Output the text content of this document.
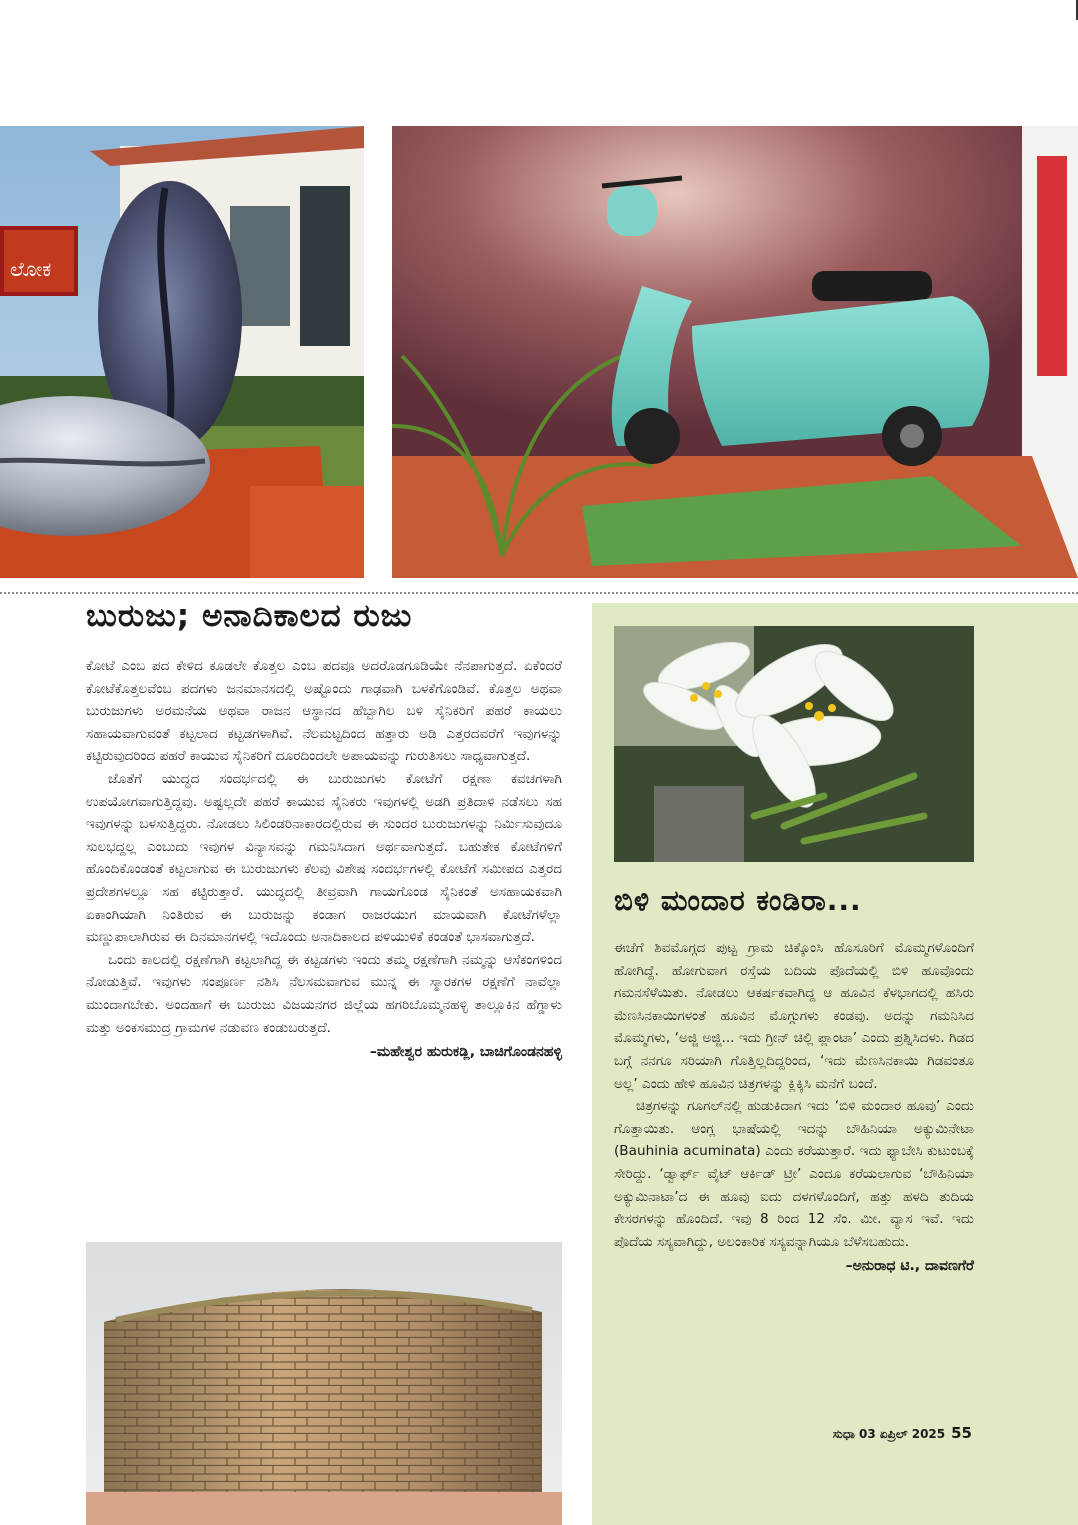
ಲೋಕ
ಬುರುಜು; ಅನಾದಿಕಾಲದ ರುಜು

ಕೋಟೆ ಎಂಬ ಪದ ಕೇಳಿದ ಕೂಡಲೇ ಕೊತ್ತಲ ಎಂಬ ಪದವೂ ಅದರೊಡಗೂಡಿಯೇ ನೆನಪಾಗುತ್ತದೆ. ಏಕೆಂದರೆ ಕೋಟೆಕೊತ್ತಲವೆಂಬ ಪದಗಳು ಜನಮಾನಸದಲ್ಲಿ ಅಷ್ಟೊಂದು ಗಾಢವಾಗಿ ಬಳಕೆಗೊಂಡಿವೆ. ಕೊತ್ತಲ ಅಥವಾ ಬುರುಜುಗಳು ಅರಮನೆಯ ಅಥವಾ ರಾಜನ ಆಸ್ಥಾನದ ಹೆಬ್ಬಾಗಿಲ ಬಳಿ ಸೈನಿಕರಿಗೆ ಪಹರೆ ಕಾಯಲು ಸಹಾಯವಾಗುವಂತೆ ಕಟ್ಟಲಾದ ಕಟ್ಟಡಗಳಾಗಿವೆ. ನೆಲಮಟ್ಟದಿಂದ ಹತ್ತಾರು ಅಡಿ ಎತ್ತರದವರೆಗೆ ಇವುಗಳನ್ನು ಕಟ್ಟಿರುವುದರಿಂದ ಪಹರೆ ಕಾಯುವ ಸೈನಿಕರಿಗೆ ದೂರದಿಂದಲೇ ಅಪಾಯವನ್ನು ಗುರುತಿಸಲು ಸಾಧ್ಯವಾಗುತ್ತದೆ.

ಜೊತೆಗೆ ಯುದ್ಧದ ಸಂದರ್ಭದಲ್ಲಿ ಈ ಬುರುಜುಗಳು ಕೋಟೆಗೆ ರಕ್ಷಣಾ ಕವಚಗಳಾಗಿ ಉಪಯೋಗವಾಗುತ್ತಿದ್ದವು. ಅಷ್ಟಲ್ಲದೇ ಪಹರೆ ಕಾಯುವ ಸೈನಿಕರು ಇವುಗಳಲ್ಲಿ ಅಡಗಿ ಪ್ರತಿದಾಳಿ ನಡೆಸಲು ಸಹ ಇವುಗಳನ್ನು ಬಳಸುತ್ತಿದ್ದರು. ನೋಡಲು ಸಿಲಿಂಡರಿನಾಕಾರದಲ್ಲಿರುವ ಈ ಸುಂದರ ಬುರುಜುಗಳನ್ನು ನಿರ್ಮಿಸುವುದೂ ಸುಲಭದ್ದಲ್ಲ ಎಂಬುದು ಇವುಗಳ ವಿನ್ಯಾಸವನ್ನು ಗಮನಿಸಿದಾಗ ಅರ್ಥವಾಗುತ್ತದೆ. ಬಹುತೇಕ ಕೋಟೆಗಳಿಗೆ ಹೊಂದಿಕೊಂಡಂತೆ ಕಟ್ಟಲಾಗುವ ಈ ಬುರುಜುಗಳು ಕೆಲವು ವಿಶೇಷ ಸಂದರ್ಭಗಳಲ್ಲಿ ಕೋಟೆಗೆ ಸಮೀಪದ ಎತ್ತರದ ಪ್ರದೇಶಗಳಲ್ಲೂ ಸಹ ಕಟ್ಟಿರುತ್ತಾರೆ. ಯುದ್ಧದಲ್ಲಿ ತೀವ್ರವಾಗಿ ಗಾಯಗೊಂಡ ಸೈನಿಕಂತೆ ಅಸಹಾಯಕವಾಗಿ ಏಕಾಂಗಿಯಾಗಿ ನಿಂತಿರುವ ಈ ಬುರುಜನ್ನು ಕಂಡಾಗ ರಾಜರಯುಗ ಮಾಯವಾಗಿ ಕೋಟೆಗಳೆಲ್ಲಾ ಮಣ್ಣುಪಾಲಾಗಿರುವ ಈ ದಿನಮಾನಗಳಲ್ಲಿ ಇದೊಂದು ಅನಾದಿಕಾಲದ ಪಳಿಯುಳಿಕೆ ಕಂಡಂತೆ ಭಾಸವಾಗುತ್ತದೆ.

ಒಂದು ಕಾಲದಲ್ಲಿ ರಕ್ಷಣೆಗಾಗಿ ಕಟ್ಟಲಾಗಿದ್ದ ಈ ಕಟ್ಟಡಗಳು ಇಂದು ತಮ್ಮ ರಕ್ಷಣೆಗಾಗಿ ನಮ್ಮನ್ನು ಆಸೆಕಂಗಳಿಂದ ನೋಡುತ್ತಿವೆ. ಇವುಗಳು ಸಂಪೂರ್ಣ ನಶಿಸಿ ನೆಲಸಮವಾಗುವ ಮುನ್ನ ಈ ಸ್ಮಾರಕಗಳ ರಕ್ಷಣೆಗೆ ನಾವೆಲ್ಲಾ ಮುಂದಾಗಬೇಕು. ಅಂದಹಾಗೆ ಈ ಬುರುಜು ವಿಜಯನಗರ ಜಿಲ್ಲೆಯ ಹಗರಿಬೊಮ್ಮನಹಳ್ಳಿ ತಾಲ್ಲೂಕಿನ ಹೆಗ್ಡಾಳು ಮತ್ತು ಅಂಕಸಮುದ್ರ ಗ್ರಾಮಗಳ ನಡುವಣ ಕಂಡುಬರುತ್ತದೆ.

–ಮಹೇಶ್ವರ ಹುರುಕಡ್ಲಿ, ಬಾಚಿಗೊಂಡನಹಳ್ಳಿ
ಬಿಳಿ ಮಂದಾರ ಕಂಡಿರಾ...

ಈಚೆಗೆ ಶಿವಮೊಗ್ಗದ ಪುಟ್ಟ ಗ್ರಾಮ ಚಿಕ್ಕೊಂಸಿ ಹೊಸೂರಿಗೆ ಮೊಮ್ಮಗಳೊಂದಿಗೆ ಹೋಗಿದ್ದೆ. ಹೋಗುವಾಗ ರಸ್ತೆಯ ಬದಿಯ ಪೊದೆಯಲ್ಲಿ ಬಿಳಿ ಹೂವೊಂದು ಗಮನಸೆಳೆಯಿತು. ನೋಡಲು ಆಕರ್ಷಕವಾಗಿದ್ದ ಆ ಹೂವಿನ ಕೆಳಭಾಗದಲ್ಲಿ ಹಸಿರು ಮೆಣಸಿನಕಾಯಿಗಳಂತೆ ಹೂವಿನ ಮೊಗ್ಗುಗಳು ಕಂಡವು. ಅದನ್ನು ಗಮನಿಸಿದ ಮೊಮ್ಮಗಳು, ‘ಅಜ್ಜಿ ಅಜ್ಜಿ... ಇದು ಗ್ರೀನ್ ಚಿಲ್ಲಿ ಪ್ಲಾಂಟಾ’ ಎಂದು ಪ್ರಶ್ನಿಸಿದಳು. ಗಿಡದ ಬಗ್ಗೆ ನನಗೂ ಸರಿಯಾಗಿ ಗೊತ್ತಿಲ್ಲದಿದ್ದರಿಂದ, ‘ಇದು ಮೆಣಸಿನಕಾಯಿ ಗಿಡವಂತೂ ಅಲ್ಲ’ ಎಂದು ಹೇಳಿ ಹೂವಿನ ಚಿತ್ರಗಳನ್ನು ಕ್ಲಿಕ್ಕಿಸಿ ಮನೆಗೆ ಬಂದೆ.

ಚಿತ್ರಗಳನ್ನು ಗೂಗಲ್‌ನಲ್ಲಿ ಹುಡುಕಿದಾಗ ಇದು ‘ಬಿಳಿ ಮಂದಾರ ಹೂವು’ ಎಂದು ಗೊತ್ತಾಯಿತು. ಆಂಗ್ಲ ಭಾಷೆಯಲ್ಲಿ ಇದನ್ನು ಬೌಹಿನಿಯಾ ಅಕ್ಯುಮಿನೇಟಾ (Bauhinia acuminata) ಎಂದು ಕರೆಯುತ್ತಾರೆ. ಇದು ಫ್ಯಾಬೇಸಿ ಕುಟುಂಬಕ್ಕೆ ಸೇರಿದ್ದು. ‘ಡ್ವಾರ್ಫ್ ವೈಟ್ ಆರ್ಕಿಡ್ ಟ್ರೀ’ ಎಂದೂ ಕರೆಯಲಾಗುವ ‘ಬೌಹಿನಿಯಾ ಅಕ್ಯುಮಿನಾಟಾ’ದ ಈ ಹೂವು ಐದು ದಳಗಳೊಂದಿಗೆ, ಹತ್ತು ಹಳದಿ ತುದಿಯ ಕೇಸರಗಳನ್ನು ಹೊಂದಿದೆ. ಇವು 8 ರಿಂದ 12 ಸೆಂ. ಮೀ. ವ್ಯಾಸ ಇವೆ. ಇದು ಪೊದೆಯ ಸಸ್ಯವಾಗಿದ್ದು, ಅಲಂಕಾರಿಕ ಸಸ್ಯವನ್ನಾಗಿಯೂ ಬೆಳೆಸಬಹುದು.

–ಅನುರಾಧ ಟಿ., ದಾವಣಗೆರೆ
ಸುಧಾ 03 ಏಪ್ರಿಲ್ 2025 55
